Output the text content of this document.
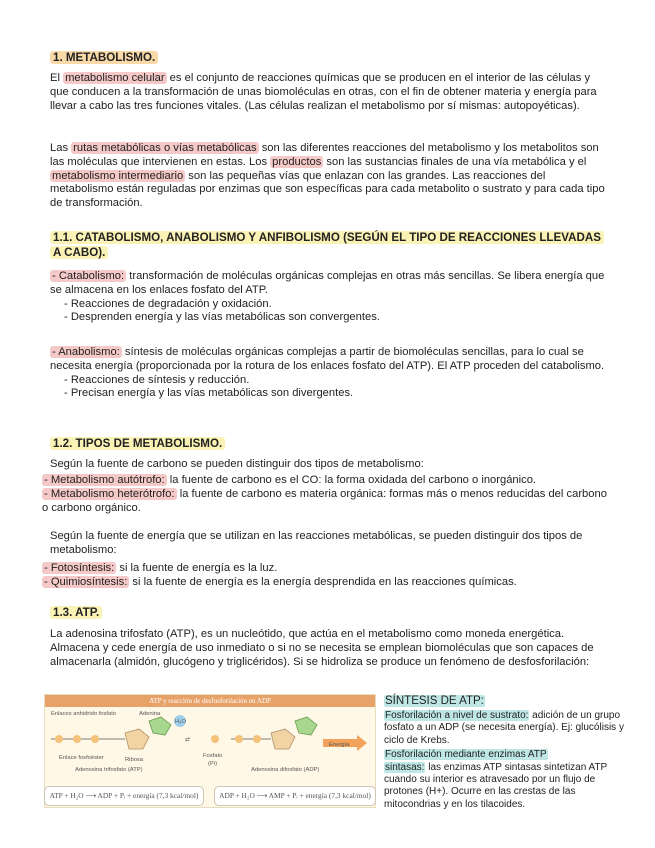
1. METABOLISMO.

El metabolismo celular es el conjunto de reacciones químicas que se producen en el interior de las células y que conducen a la transformación de unas biomoléculas en otras, con el fin de obtener materia y energía para llevar a cabo las tres funciones vitales. (Las células realizan el metabolismo por sí mismas: autopoyéticas).

Las rutas metabólicas o vías metabólicas son las diferentes reacciones del metabolismo y los metabolitos son las moléculas que intervienen en estas. Los productos son las sustancias finales de una vía metabólica y el metabolismo intermediario son las pequeñas vías que enlazan con las grandes. Las reacciones del metabolismo están reguladas por enzimas que son específicas para cada metabolito o sustrato y para cada tipo de transformación.

1.1. CATABOLISMO, ANABOLISMO Y ANFIBOLISMO (SEGÚN EL TIPO DE REACCIONES LLEVADAS A CABO).

- Catabolismo: transformación de moléculas orgánicas complejas en otras más sencillas. Se libera energía que se almacena en los enlaces fosfato del ATP.

- Reacciones de degradación y oxidación.

- Desprenden energía y las vías metabólicas son convergentes.

- Anabolismo: síntesis de moléculas orgánicas complejas a partir de biomoléculas sencillas, para lo cual se necesita energía (proporcionada por la rotura de los enlaces fosfato del ATP). El ATP proceden del catabolismo.

- Reacciones de síntesis y reducción.

- Precisan energía y las vías metabólicas son divergentes.

1.2. TIPOS DE METABOLISMO.

Según la fuente de carbono se pueden distinguir dos tipos de metabolismo:

- Metabolismo autótrofo: la fuente de carbono es el CO: la forma oxidada del carbono o inorgánico.

- Metabolismo heterótrofo: la fuente de carbono es materia orgánica: formas más o menos reducidas del carbono o carbono orgánico.

Según la fuente de energía que se utilizan en las reacciones metabólicas, se pueden distinguir dos tipos de metabolismo:

- Fotosíntesis: si la fuente de energía es la luz.

- Quimiosíntesis: si la fuente de energía es la energía desprendida en las reacciones químicas.

1.3. ATP.

La adenosina trifosfato (ATP), es un nucleótido, que actúa en el metabolismo como moneda energética. Almacena y cede energía de uso inmediato o si no se necesita se emplean biomoléculas que son capaces de almacenarla (almidón, glucógeno y triglicéridos). Si se hidroliza se produce un fenómeno de desfosforilación:

ATP y reacción de desfosforilación en ADP
Enlaces anhidrido fosfato	Adenina
Enlace fosfoéster	Ribosa
Adenosina trifosfato (ATP)
H₂O
⇄
Fosfato
(Pi)
Adenosina difosfato (ADP)
Energía
ATP + H₂O ⟶ ADP + Pᵢ + energía (7,3 kcal/mol)	ADP + H₂O ⟶ AMP + Pᵢ + energía (7,3 kcal/mol)

SÍNTESIS DE ATP:

Fosforilación a nivel de sustrato: adición de un grupo fosfato a un ADP (se necesita energía). Ej: glucólisis y ciclo de Krebs.

Fosforilación mediante enzimas ATP
sintasas: las enzimas ATP sintasas sintetizan ATP cuando su interior es atravesado por un flujo de protones (H+). Ocurre en las crestas de las mitocondrias y en los tilacoides.
